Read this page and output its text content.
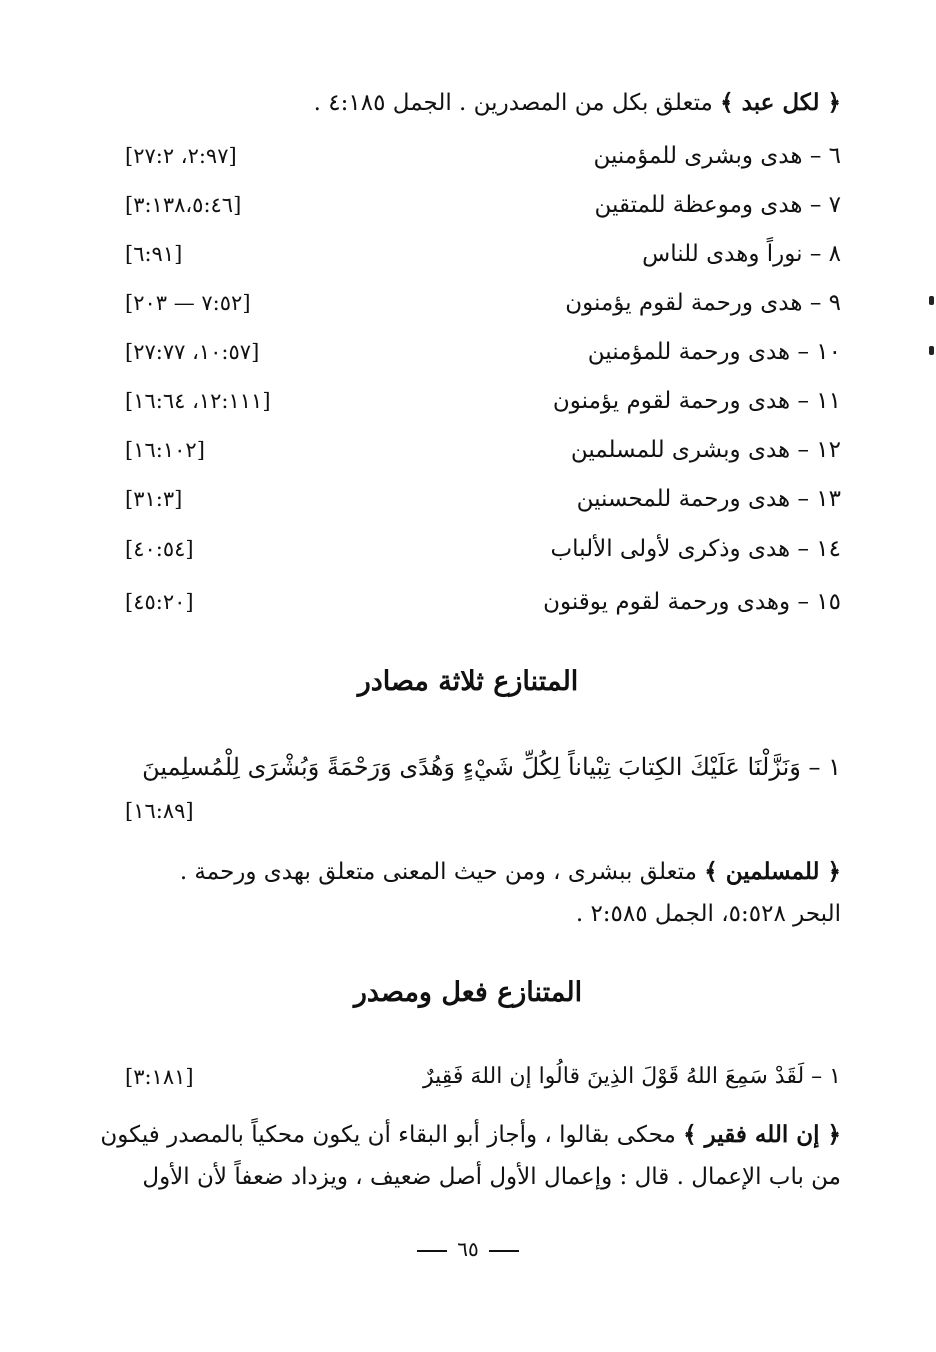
﴿ لكل عبد ﴾ متعلق بكل من المصدرين . الجمل ٤:١٨٥ .
٦ – هدى وبشرى للمؤمنين
[٢:٩٧، ٢٧:٢]
٧ – هدى وموعظة للمتقين
[٣:١٣٨،٥:٤٦]
٨ – نوراً وهدى للناس
[٦:٩١]
٩ – هدى ورحمة لقوم يؤمنون
[٧:٥٢ — ٢٠٣]
١٠ – هدى ورحمة للمؤمنين
[١٠:٥٧، ٢٧:٧٧]
١١ – هدى ورحمة لقوم يؤمنون
[١٢:١١١، ١٦:٦٤]
١٢ – هدى وبشرى للمسلمين
[١٦:١٠٢]
١٣ – هدى ورحمة للمحسنين
[٣١:٣]
١٤ – هدى وذكرى لأولى الألباب
[٤٠:٥٤]
١٥ – وهدى ورحمة لقوم يوقنون
[٤٥:٢٠]
المتنازع ثلاثة مصادر
١ – وَنَزَّلْنَا عَلَيْكَ الكِتابَ تِبْياناً لِكُلِّ شَيْءٍ وَهُدًى وَرَحْمَةً وَبُشْرَى لِلْمُسلِمينَ
[١٦:٨٩]
﴿ للمسلمين ﴾ متعلق ببشرى ، ومن حيث المعنى متعلق بهدى ورحمة .
البحر ٥:٥٢٨، الجمل ٢:٥٨٥ .
المتنازع فعل ومصدر
١ – لَقَدْ سَمِعَ اللهُ قَوْلَ الذِينَ قالُوا إن اللهَ فَقِيرٌ
[٣:١٨١]
﴿ إن الله فقير ﴾ محكى بقالوا ، وأجاز أبو البقاء أن يكون محكياً بالمصدر فيكون
من باب الإعمال . قال : وإعمال الأول أصل ضعيف ، ويزداد ضعفاً لأن الأول
٦٥
